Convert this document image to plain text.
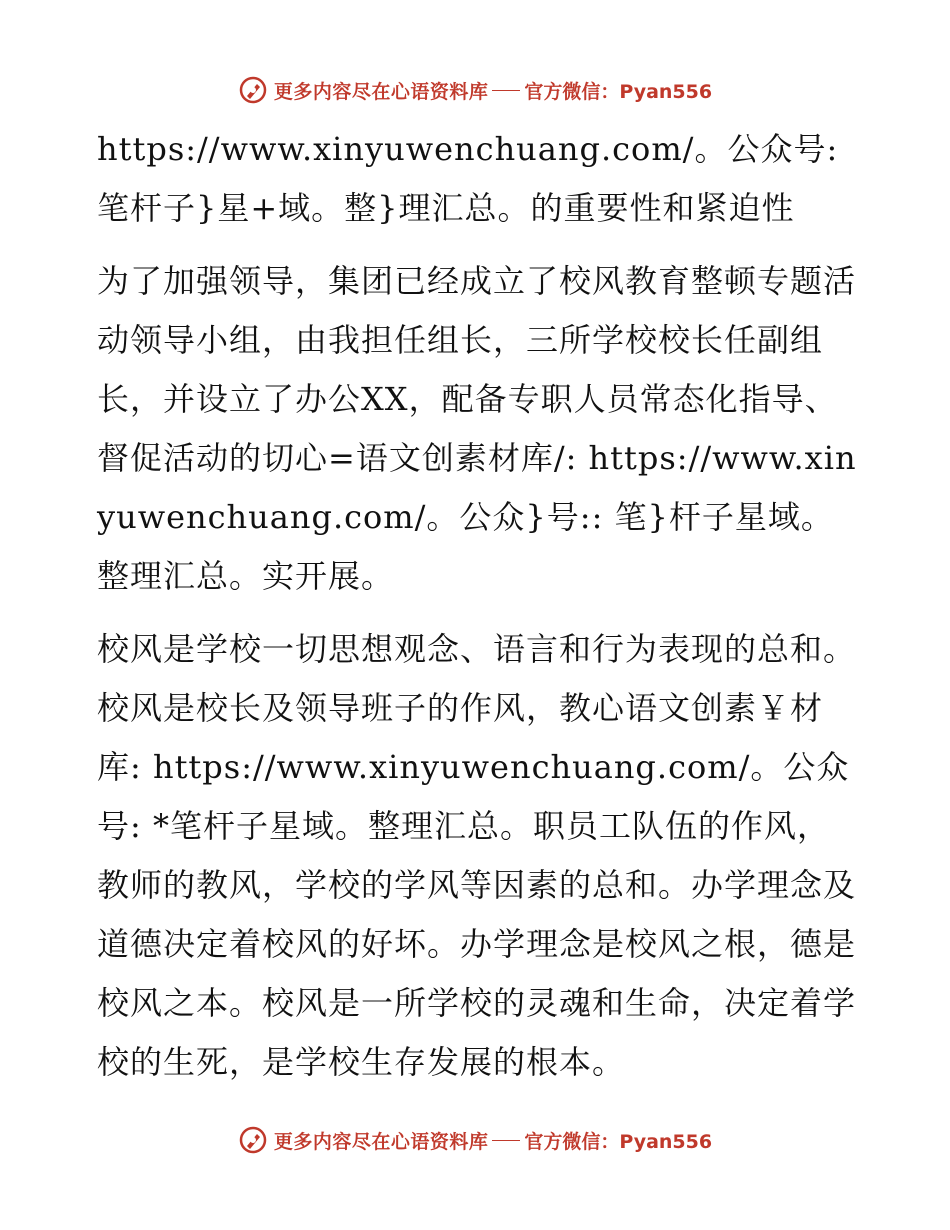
更多内容尽在心语资料库 官方微信：Pyan556

https://www.xinyuwenchuang.com/。公众号: 笔杆子}星+域。整}理汇总。的重要性和紧迫性

为了加强领导，集团已经成立了校风教育整顿专题活动领导小组，由我担任组长，三所学校校长任副组长，并设立了办公XX，配备专职人员常态化指导、督促活动的切心=语文创素材库/: https://www.xinyuwenchuang.com/。公众}号:: 笔}杆子星域。整理汇总。实开展。

校风是学校一切思想观念、语言和行为表现的总和。校风是校长及领导班子的作风，教心语文创素￥材库: https://www.xinyuwenchuang.com/。公众号: *笔杆子星域。整理汇总。职员工队伍的作风，教师的教风，学校的学风等因素的总和。办学理念及道德决定着校风的好坏。办学理念是校风之根，德是校风之本。校风是一所学校的灵魂和生命，决定着学校的生死，是学校生存发展的根本。

更多内容尽在心语资料库 官方微信：Pyan556
